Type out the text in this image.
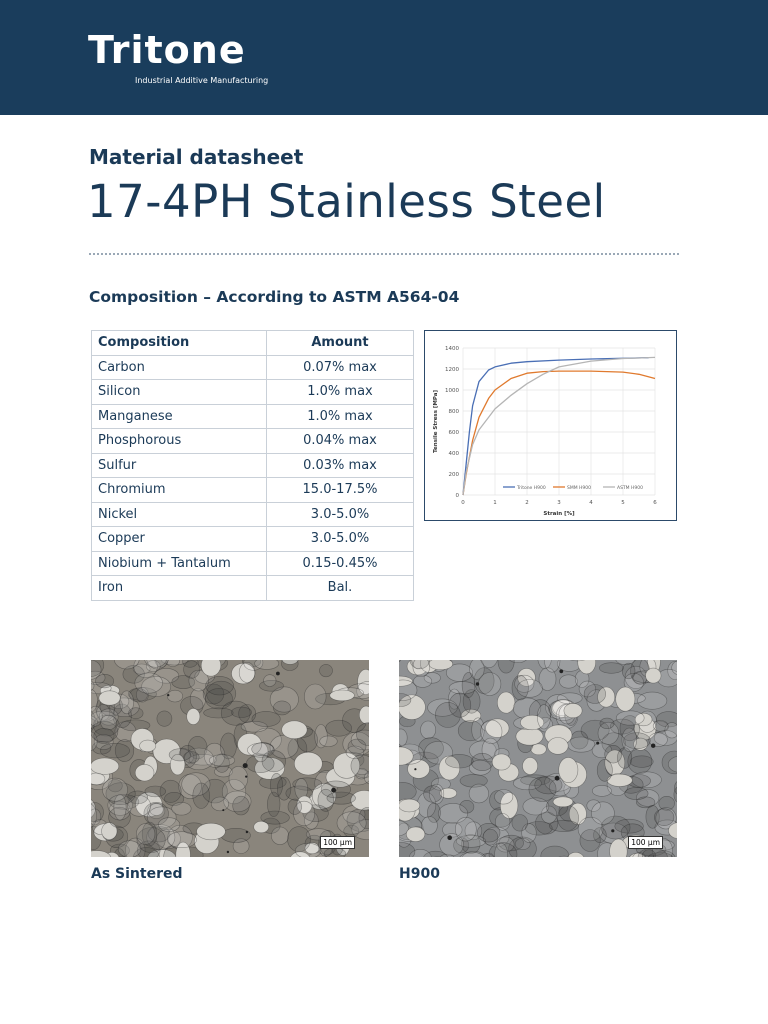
Tritone
Industrial Additive Manufacturing
Material datasheet
17-4PH Stainless Steel
Composition – According to ASTM A564-04
Composition	Amount
Carbon	0.07% max
Silicon	1.0% max
Manganese	1.0% max
Phosphorous	0.04% max
Sulfur	0.03% max
Chromium	15.0-17.5%
Nickel	3.0-5.0%
Copper	3.0-5.0%
Niobium + Tantalum	0.15-0.45%
Iron	Bal.
0
200
400
600
800
1000
1200
1400
0	1	2	3	4	5	6
Strain [%]
Tensile Stress [MPa]
Tritone H900	SMM H900	ASTM H900
100 µm
As Sintered
100 µm
H900
